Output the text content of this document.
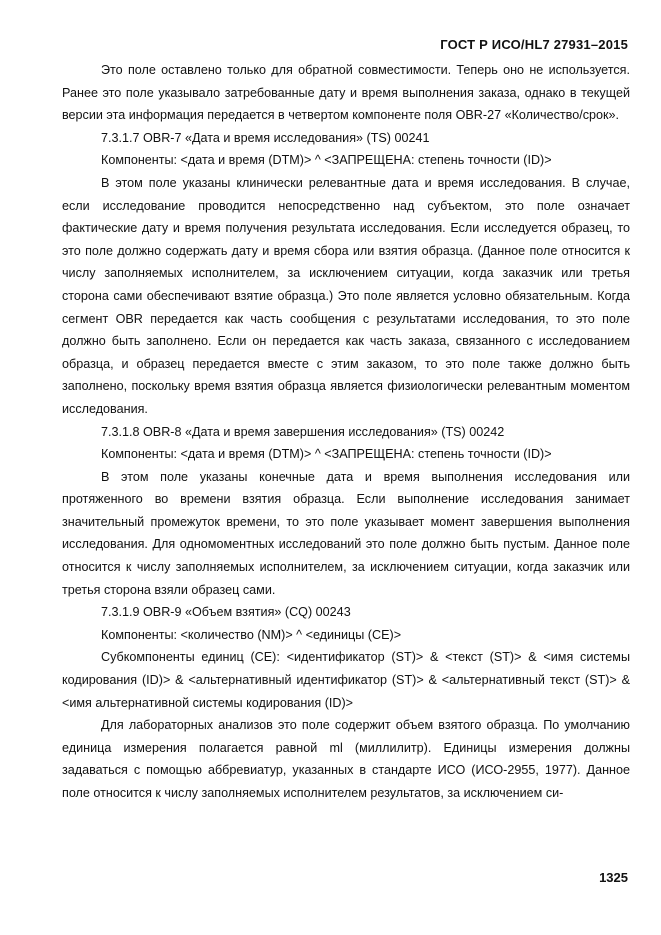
ГОСТ Р ИСО/HL7 27931–2015

Это поле оставлено только для обратной совместимости. Теперь оно не используется. Ранее это поле указывало затребованные дату и время выполнения заказа, однако в текущей версии эта информация передается в четвертом компоненте поля OBR-27 «Количество/срок».

7.3.1.7 OBR-7 «Дата и время исследования» (TS) 00241

Компоненты: <дата и время (DTM)> ^ <ЗАПРЕЩЕНА: степень точности (ID)>

В этом поле указаны клинически релевантные дата и время исследования. В случае, если исследование проводится непосредственно над субъектом, это поле означает фактические дату и время получения результата исследования. Если исследуется образец, то это поле должно содержать дату и время сбора или взятия образца. (Данное поле относится к числу заполняемых исполнителем, за исключением ситуации, когда заказчик или третья сторона сами обеспечивают взятие образца.) Это поле является условно обязательным. Когда сегмент OBR передается как часть сообщения с результатами исследования, то это поле должно быть заполнено. Если он передается как часть заказа, связанного с исследованием образца, и образец передается вместе с этим заказом, то это поле также должно быть заполнено, поскольку время взятия образца является физиологически релевантным моментом исследования.

7.3.1.8 OBR-8 «Дата и время завершения исследования» (TS) 00242

Компоненты: <дата и время (DTM)> ^ <ЗАПРЕЩЕНА: степень точности (ID)>

В этом поле указаны конечные дата и время выполнения исследования или протяженного во времени взятия образца. Если выполнение исследования занимает значительный промежуток времени, то это поле указывает момент завершения выполнения исследования. Для одномоментных исследований это поле должно быть пустым. Данное поле относится к числу заполняемых исполнителем, за исключением ситуации, когда заказчик или третья сторона взяли образец сами.

7.3.1.9 OBR-9 «Объем взятия» (CQ) 00243

Компоненты: <количество (NM)> ^ <единицы (CE)>

Субкомпоненты единиц (CE): <идентификатор (ST)> & <текст (ST)> & <имя системы кодирования (ID)> & <альтернативный идентификатор (ST)> & <альтернативный текст (ST)> & <имя альтернативной системы кодирования (ID)>

Для лабораторных анализов это поле содержит объем взятого образца. По умолчанию единица измерения полагается равной ml (миллилитр). Единицы измерения должны задаваться с помощью аббревиатур, указанных в стандарте ИСО (ИСО-2955, 1977). Данное поле относится к числу заполняемых исполнителем результатов, за исключением си-

1325
